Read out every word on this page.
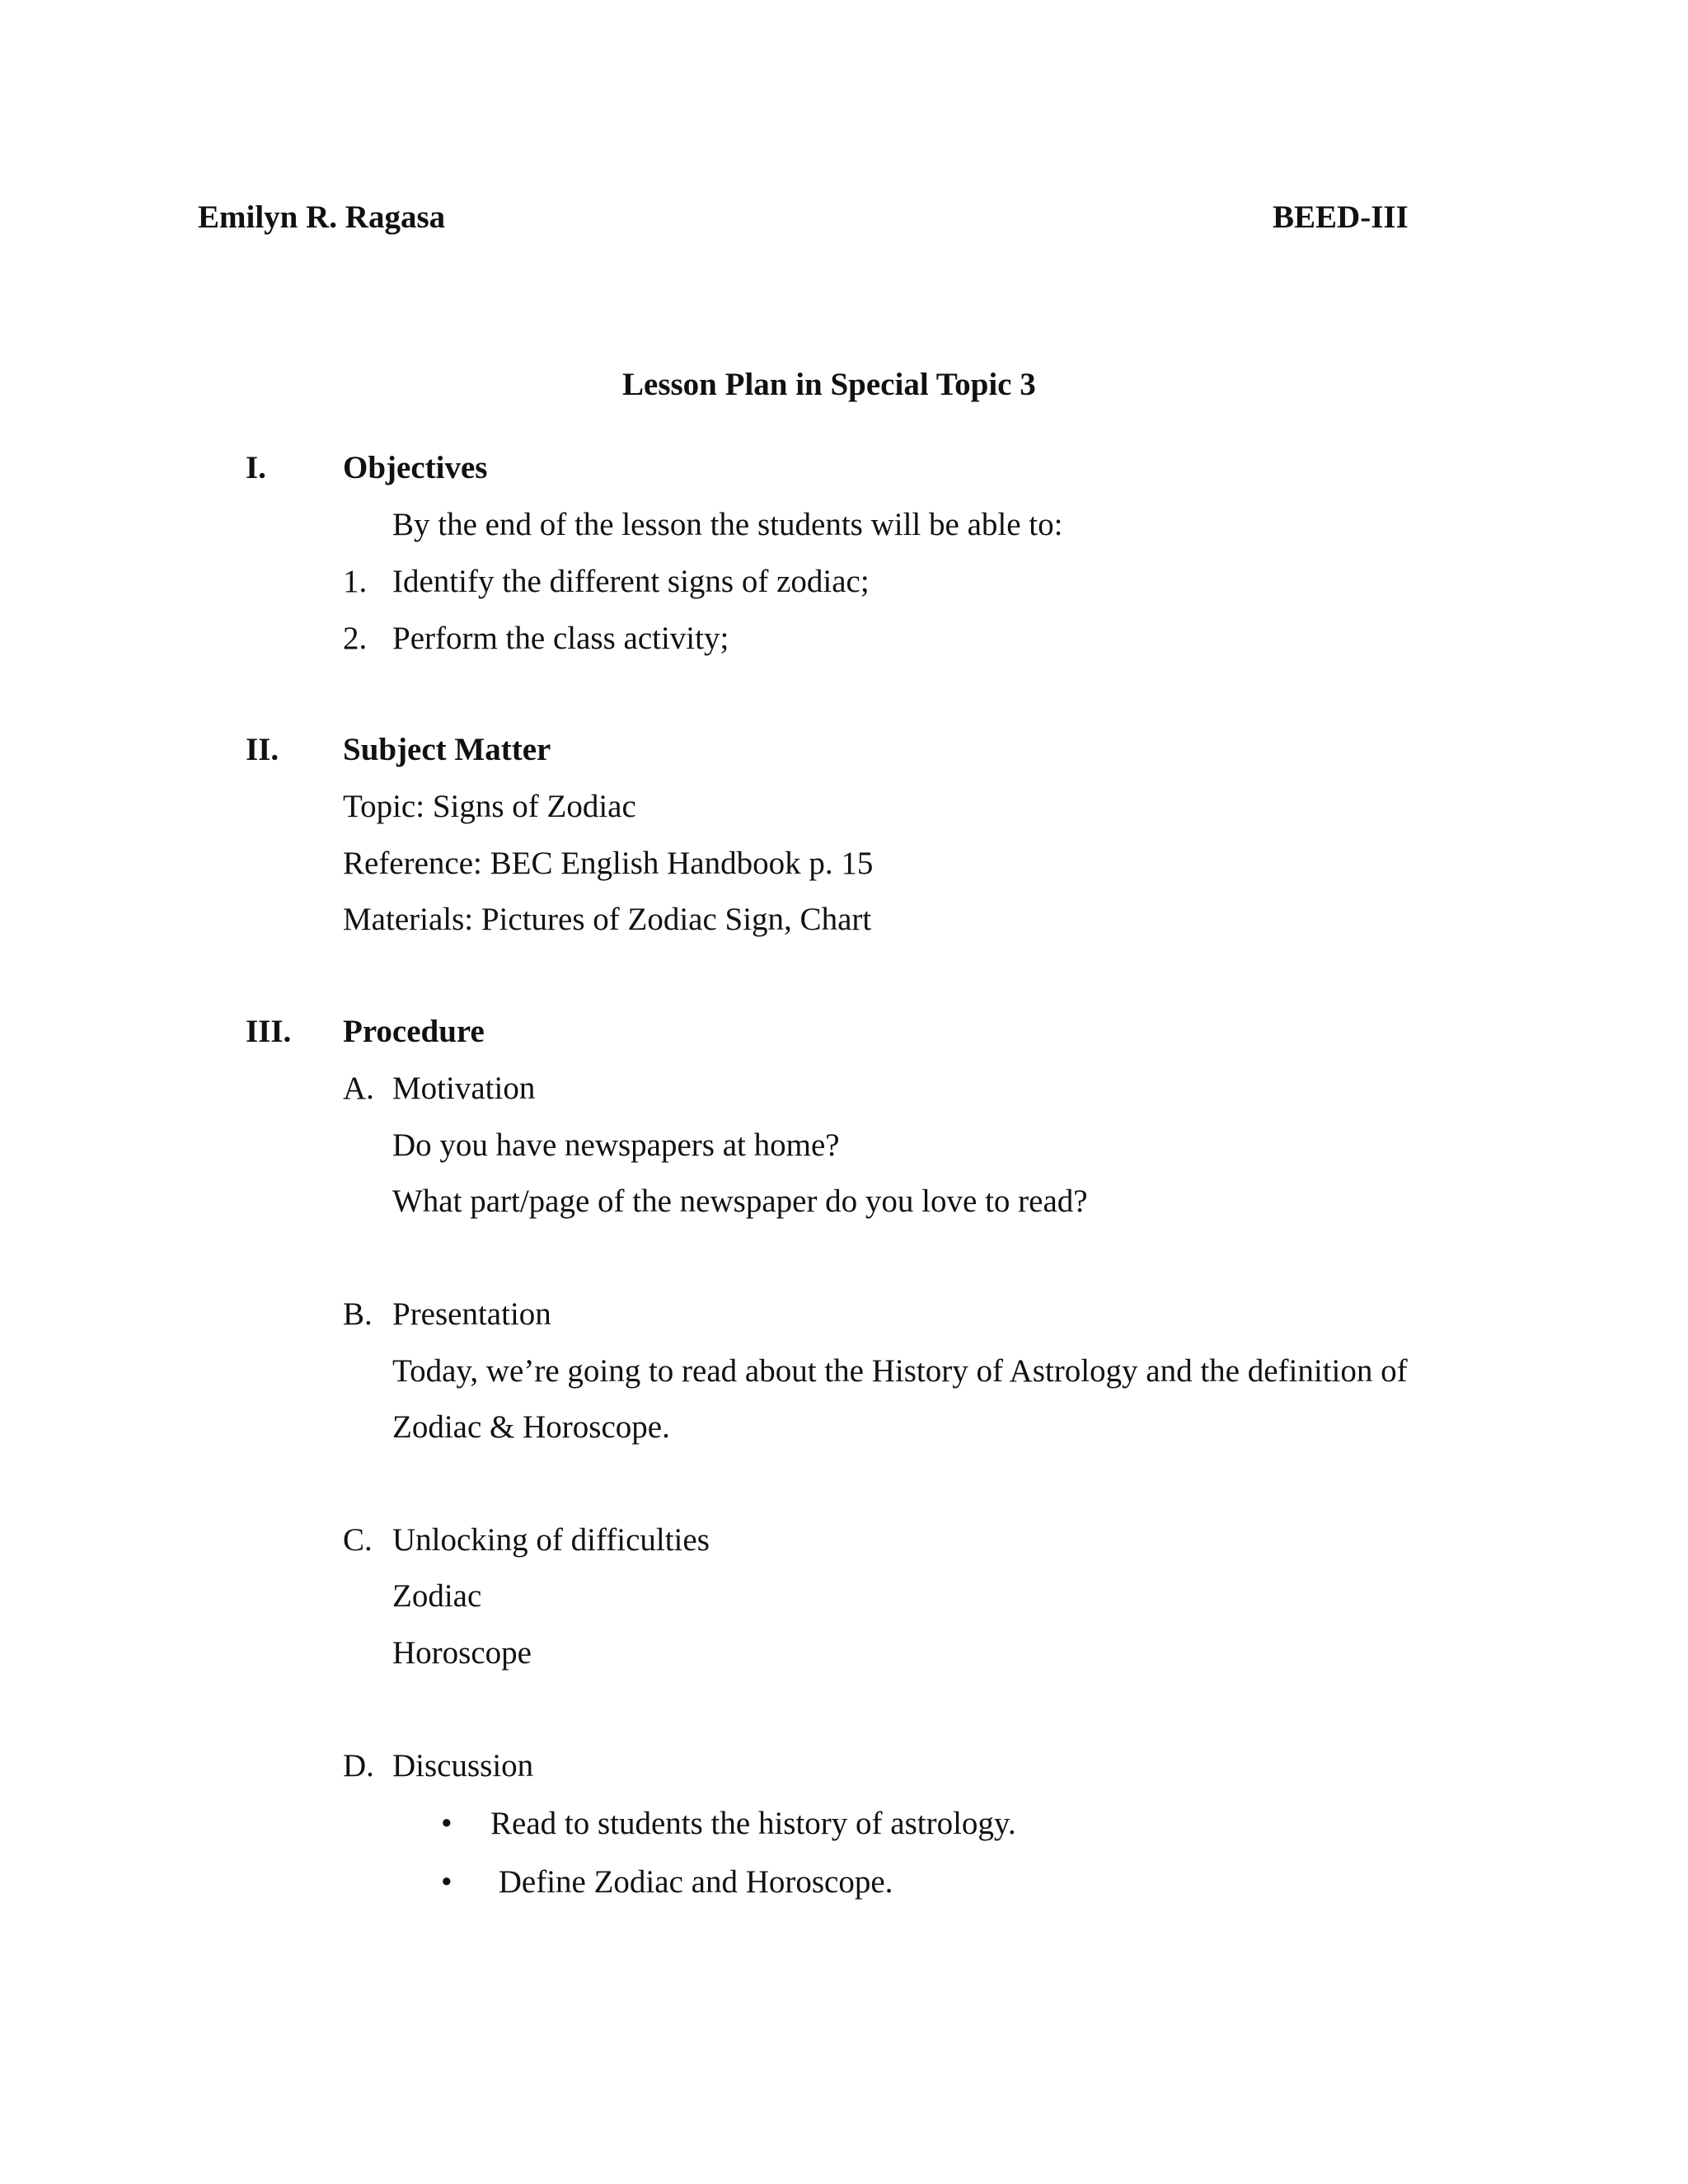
Emilyn R. Ragasa	BEED-III
Lesson Plan in Special Topic 3
I. Objectives
By the end of the lesson the students will be able to:
1. Identify the different signs of zodiac;
2. Perform the class activity;
II. Subject Matter
Topic: Signs of Zodiac
Reference: BEC English Handbook p. 15
Materials: Pictures of Zodiac Sign, Chart
III. Procedure
A. Motivation
Do you have newspapers at home?
What part/page of the newspaper do you love to read?
B. Presentation
Today, we’re going to read about the History of Astrology and the definition of
Zodiac & Horoscope.
C. Unlocking of difficulties
Zodiac
Horoscope
D. Discussion
• Read to students the history of astrology.
• Define Zodiac and Horoscope.
